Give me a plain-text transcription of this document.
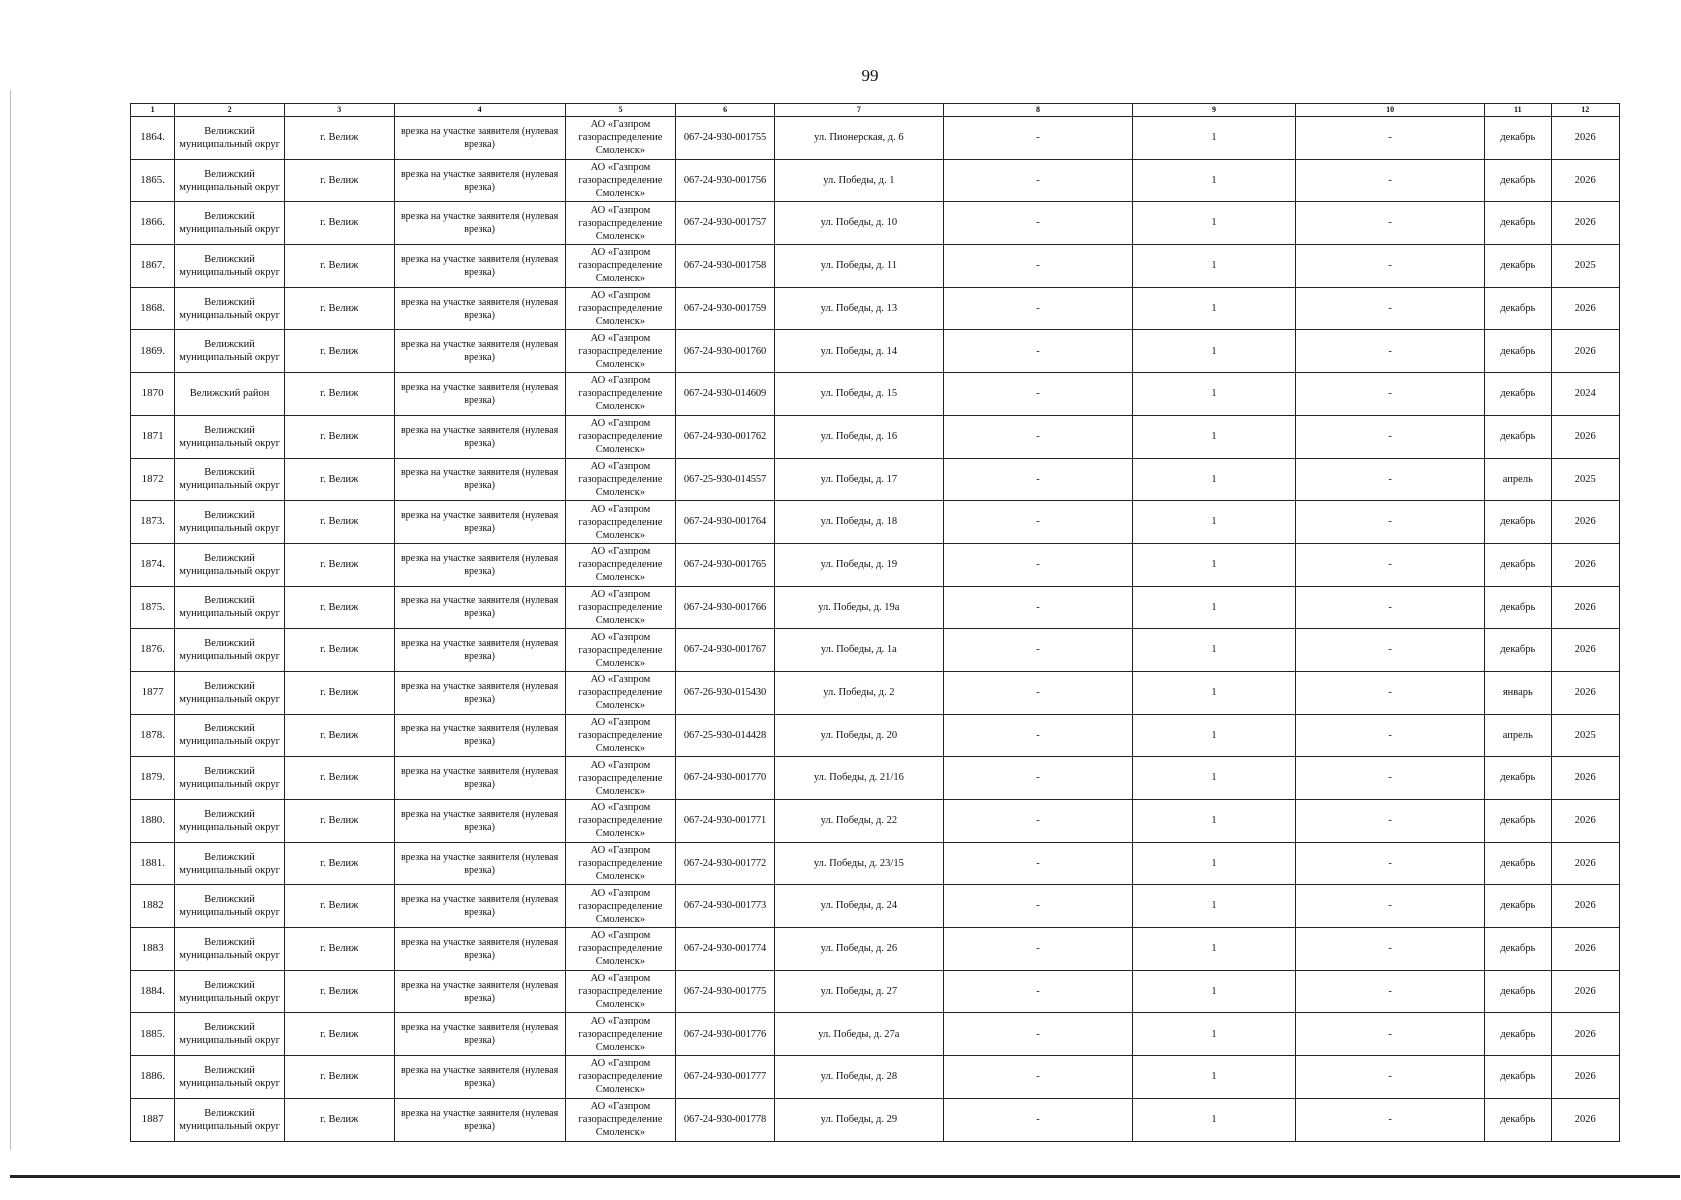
99
1	2	3	4	5	6	7	8	9	10	11	12
1864.	Велижский муниципальный округ	г. Велиж	врезка на участке заявителя (нулевая врезка)	АО «Газпром газораспределение Смоленск»	067-24-930-001755	ул. Пионерская, д. 6	-	1	-	декабрь	2026
1865.	Велижский муниципальный округ	г. Велиж	врезка на участке заявителя (нулевая врезка)	АО «Газпром газораспределение Смоленск»	067-24-930-001756	ул. Победы, д. 1	-	1	-	декабрь	2026
1866.	Велижский муниципальный округ	г. Велиж	врезка на участке заявителя (нулевая врезка)	АО «Газпром газораспределение Смоленск»	067-24-930-001757	ул. Победы, д. 10	-	1	-	декабрь	2026
1867.	Велижский муниципальный округ	г. Велиж	врезка на участке заявителя (нулевая врезка)	АО «Газпром газораспределение Смоленск»	067-24-930-001758	ул. Победы, д. 11	-	1	-	декабрь	2025
1868.	Велижский муниципальный округ	г. Велиж	врезка на участке заявителя (нулевая врезка)	АО «Газпром газораспределение Смоленск»	067-24-930-001759	ул. Победы, д. 13	-	1	-	декабрь	2026
1869.	Велижский муниципальный округ	г. Велиж	врезка на участке заявителя (нулевая врезка)	АО «Газпром газораспределение Смоленск»	067-24-930-001760	ул. Победы, д. 14	-	1	-	декабрь	2026
1870	Велижский район	г. Велиж	врезка на участке заявителя (нулевая врезка)	АО «Газпром газораспределение Смоленск»	067-24-930-014609	ул. Победы, д. 15	-	1	-	декабрь	2024
1871	Велижский муниципальный округ	г. Велиж	врезка на участке заявителя (нулевая врезка)	АО «Газпром газораспределение Смоленск»	067-24-930-001762	ул. Победы, д. 16	-	1	-	декабрь	2026
1872	Велижский муниципальный округ	г. Велиж	врезка на участке заявителя (нулевая врезка)	АО «Газпром газораспределение Смоленск»	067-25-930-014557	ул. Победы, д. 17	-	1	-	апрель	2025
1873.	Велижский муниципальный округ	г. Велиж	врезка на участке заявителя (нулевая врезка)	АО «Газпром газораспределение Смоленск»	067-24-930-001764	ул. Победы, д. 18	-	1	-	декабрь	2026
1874.	Велижский муниципальный округ	г. Велиж	врезка на участке заявителя (нулевая врезка)	АО «Газпром газораспределение Смоленск»	067-24-930-001765	ул. Победы, д. 19	-	1	-	декабрь	2026
1875.	Велижский муниципальный округ	г. Велиж	врезка на участке заявителя (нулевая врезка)	АО «Газпром газораспределение Смоленск»	067-24-930-001766	ул. Победы, д. 19а	-	1	-	декабрь	2026
1876.	Велижский муниципальный округ	г. Велиж	врезка на участке заявителя (нулевая врезка)	АО «Газпром газораспределение Смоленск»	067-24-930-001767	ул. Победы, д. 1а	-	1	-	декабрь	2026
1877	Велижский муниципальный округ	г. Велиж	врезка на участке заявителя (нулевая врезка)	АО «Газпром газораспределение Смоленск»	067-26-930-015430	ул. Победы, д. 2	-	1	-	январь	2026
1878.	Велижский муниципальный округ	г. Велиж	врезка на участке заявителя (нулевая врезка)	АО «Газпром газораспределение Смоленск»	067-25-930-014428	ул. Победы, д. 20	-	1	-	апрель	2025
1879.	Велижский муниципальный округ	г. Велиж	врезка на участке заявителя (нулевая врезка)	АО «Газпром газораспределение Смоленск»	067-24-930-001770	ул. Победы, д. 21/16	-	1	-	декабрь	2026
1880.	Велижский муниципальный округ	г. Велиж	врезка на участке заявителя (нулевая врезка)	АО «Газпром газораспределение Смоленск»	067-24-930-001771	ул. Победы, д. 22	-	1	-	декабрь	2026
1881.	Велижский муниципальный округ	г. Велиж	врезка на участке заявителя (нулевая врезка)	АО «Газпром газораспределение Смоленск»	067-24-930-001772	ул. Победы, д. 23/15	-	1	-	декабрь	2026
1882	Велижский муниципальный округ	г. Велиж	врезка на участке заявителя (нулевая врезка)	АО «Газпром газораспределение Смоленск»	067-24-930-001773	ул. Победы, д. 24	-	1	-	декабрь	2026
1883	Велижский муниципальный округ	г. Велиж	врезка на участке заявителя (нулевая врезка)	АО «Газпром газораспределение Смоленск»	067-24-930-001774	ул. Победы, д. 26	-	1	-	декабрь	2026
1884.	Велижский муниципальный округ	г. Велиж	врезка на участке заявителя (нулевая врезка)	АО «Газпром газораспределение Смоленск»	067-24-930-001775	ул. Победы, д. 27	-	1	-	декабрь	2026
1885.	Велижский муниципальный округ	г. Велиж	врезка на участке заявителя (нулевая врезка)	АО «Газпром газораспределение Смоленск»	067-24-930-001776	ул. Победы, д. 27а	-	1	-	декабрь	2026
1886.	Велижский муниципальный округ	г. Велиж	врезка на участке заявителя (нулевая врезка)	АО «Газпром газораспределение Смоленск»	067-24-930-001777	ул. Победы, д. 28	-	1	-	декабрь	2026
1887	Велижский муниципальный округ	г. Велиж	врезка на участке заявителя (нулевая врезка)	АО «Газпром газораспределение Смоленск»	067-24-930-001778	ул. Победы, д. 29	-	1	-	декабрь	2026
